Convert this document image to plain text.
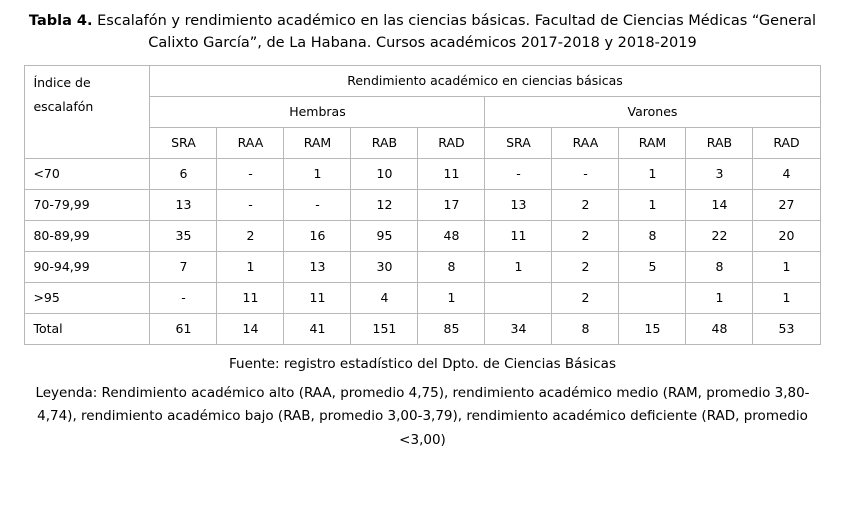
Tabla 4. Escalafón y rendimiento académico en las ciencias básicas. Facultad de Ciencias Médicas “General Calixto García”, de La Habana. Cursos académicos 2017-2018 y 2018-2019
Índice de escalafón	Rendimiento académico en ciencias básicas									
	Hembras					Varones				
	SRA	RAA	RAM	RAB	RAD	SRA	RAA	RAM	RAB	RAD
<70	6	-	1	10	11	-	-	1	3	4
70-79,99	13	-	-	12	17	13	2	1	14	27
80-89,99	35	2	16	95	48	11	2	8	22	20
90-94,99	7	1	13	30	8	1	2	5	8	1
>95	-	11	11	4	1		2		1	1
Total	61	14	41	151	85	34	8	15	48	53
Fuente: registro estadístico del Dpto. de Ciencias Básicas
Leyenda: Rendimiento académico alto (RAA, promedio 4,75), rendimiento académico medio (RAM, promedio 3,80-4,74), rendimiento académico bajo (RAB, promedio 3,00-3,79), rendimiento académico deficiente (RAD, promedio <3,00)
